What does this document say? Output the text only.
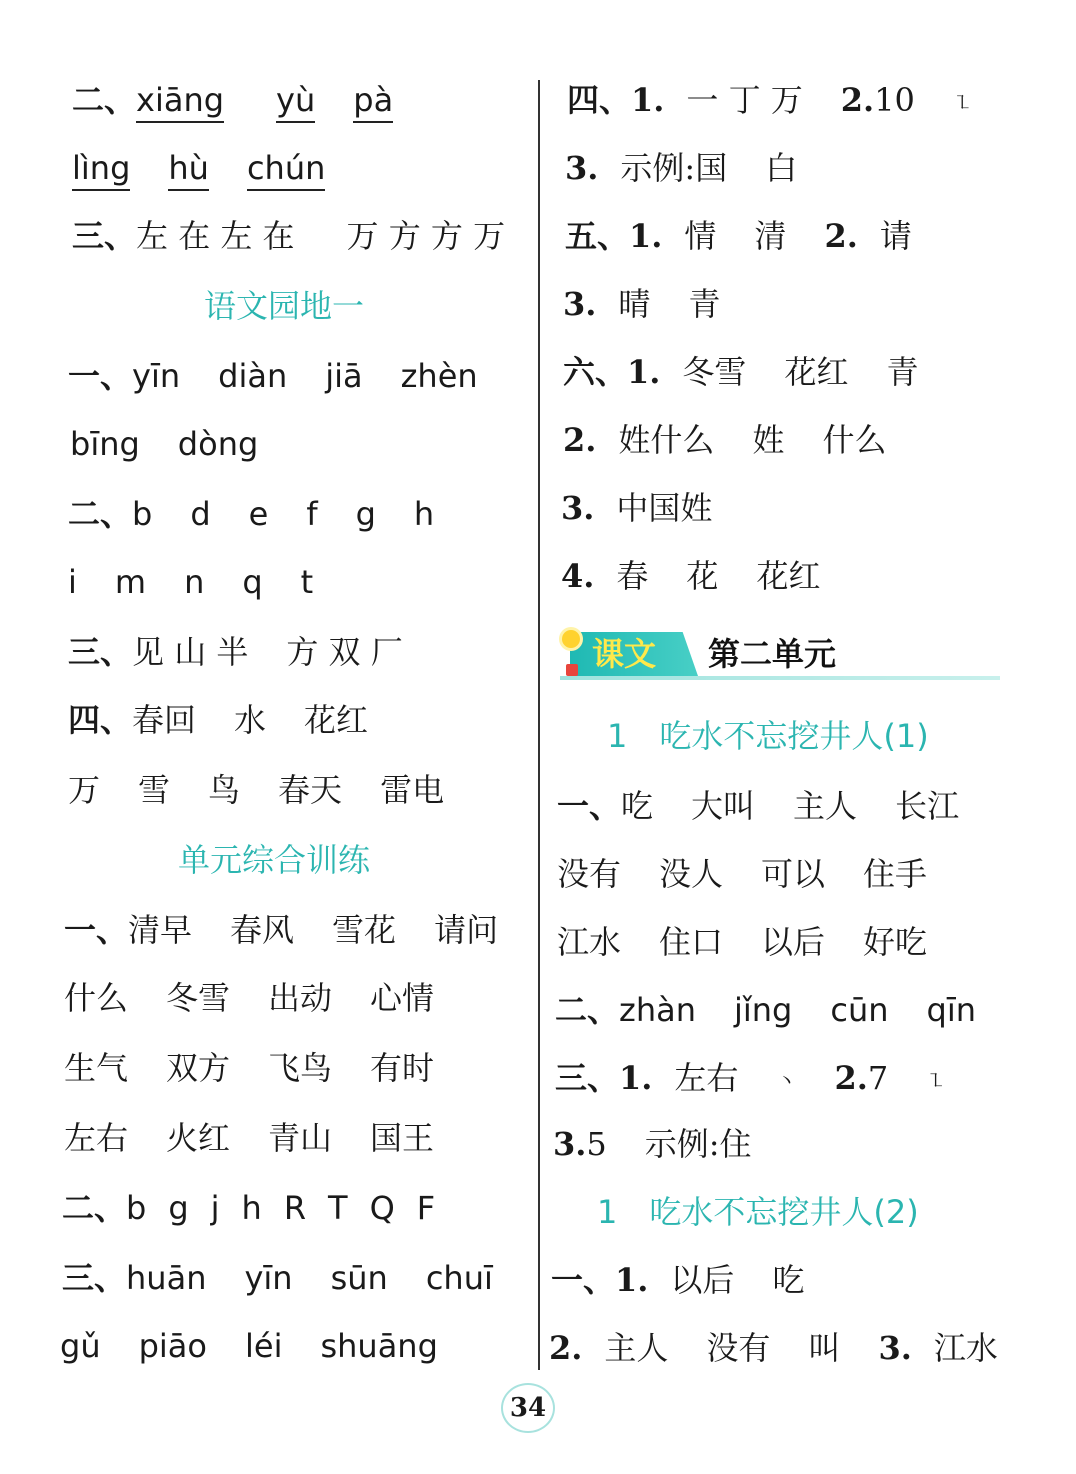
二、xiāng yù pà
lìng hù chún
三、左 在 左 在 万 方 方 万
语文园地一
一、yīn diàn jiā zhèn
bīng dòng
二、b d e f g h
i m n q t
三、见 山 半 方 双 厂
四、春回 水 花红
万 雪 鸟 春天 雷电
单元综合训练
一、清早 春风 雪花 请问
什么 冬雪 出动 心情
生气 双方 飞鸟 有时
左右 火红 青山 国王
二、b g j h R T Q F
三、huān yīn sūn chuī
gǔ piāo léi shuāng
四、1. 一 丁 万 2.10 ㇅
3. 示例:国 白
五、1. 情 清 2. 请
3. 晴 青
六、1. 冬雪 花红 青
2. 姓什么 姓 什么
3. 中国姓
4. 春 花 花红
课文 第二单元
1　吃水不忘挖井人(1)
一、吃 大叫 主人 长江
没有 没人 可以 住手
江水 住口 以后 好吃
二、zhàn jǐng cūn qīn
三、1. 左右 丶 2.7 ㇅
3.5 示例:住
1　吃水不忘挖井人(2)
一、1. 以后 吃
2. 主人 没有 叫 3. 江水
34
